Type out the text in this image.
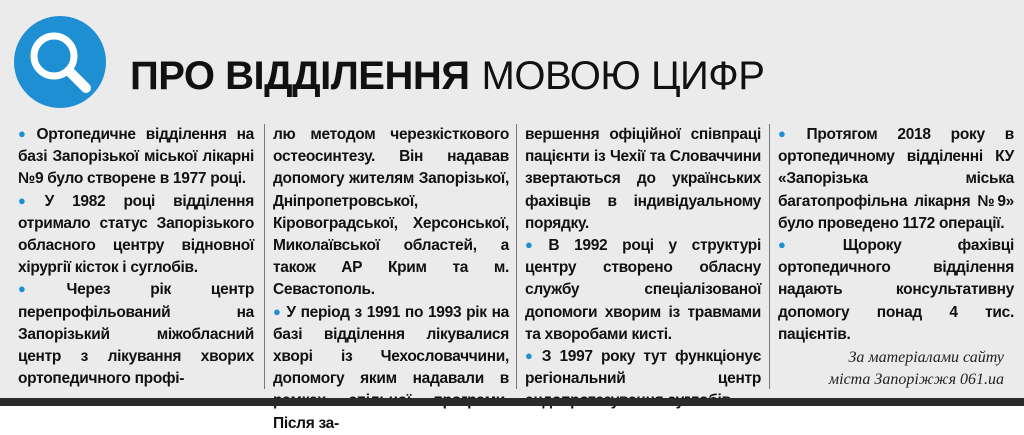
ПРО ВІДДІЛЕННЯ МОВОЮ ЦИФР

● Ортопедичне відділення на базі Запорізької міської лікарні №9 було створене в 1977 році.

● У 1982 році відділення отримало статус Запорізького обласного центру відновної хірургії кісток і суглобів.

● Через рік центр перепрофільований на Запорізький міжобласний центр з лікування хворих ортопедичного профі-

лю методом черезкісткового остеосинтезу. Він надавав допомогу жителям Запорізької, Дніпропетровської, Кіровоградської, Херсонської, Миколаївської областей, а також АР Крим та м. Севастополь.

● У період з 1991 по 1993 рік на базі відділення лікувалися хворі із Чехословаччини, допомогу яким надавали в Після за-

вершення офіційної співпраці пацієнти із Чехії та Словаччини звертаються до українських фахівців в індивідуальному порядку.

● В 1992 році у структурі центру створено обласну службу спеціалізованої допомоги хворим із травмами та хворобами кисті.

● З 1997 року тут функціонує регіональний центр

● Протягом 2018 року в ортопедичному відділенні КУ «Запорізька міська багатопрофільна лікарня №9» було проведено 1172 операції.

● Щороку фахівці ортопедичного відділення надають консультативну допомогу понад 4 тис. пацієнтів.

За матеріалами сайту
міста Запоріжжя 061.ua
